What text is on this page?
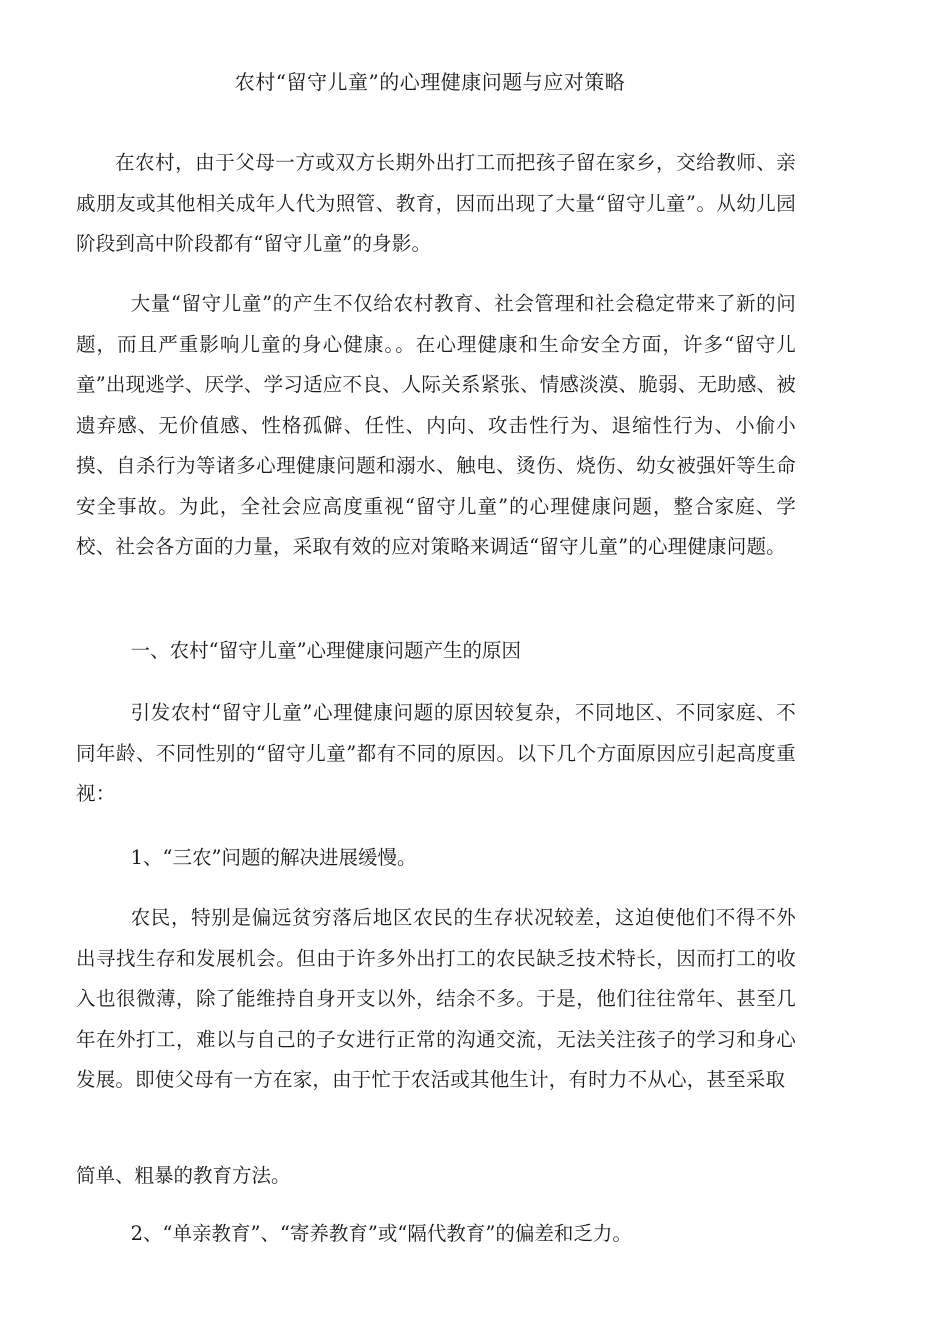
农村“留守儿童”的心理健康问题与应对策略

在农村，由于父母一方或双方长期外出打工而把孩子留在家乡，交给教师、亲戚朋友或其他相关成年人代为照管、教育，因而出现了大量“留守儿童”。从幼儿园阶段到高中阶段都有“留守儿童”的身影。

大量“留守儿童”的产生不仅给农村教育、社会管理和社会稳定带来了新的问题，而且严重影响儿童的身心健康。。在心理健康和生命安全方面，许多“留守儿童”出现逃学、厌学、学习适应不良、人际关系紧张、情感淡漠、脆弱、无助感、被遗弃感、无价值感、性格孤僻、任性、内向、攻击性行为、退缩性行为、小偷小摸、自杀行为等诸多心理健康问题和溺水、触电、烫伤、烧伤、幼女被强奸等生命安全事故。为此，全社会应高度重视“留守儿童”的心理健康问题，整合家庭、学校、社会各方面的力量，采取有效的应对策略来调适“留守儿童”的心理健康问题。

一、农村“留守儿童”心理健康问题产生的原因

引发农村“留守儿童”心理健康问题的原因较复杂，不同地区、不同家庭、不同年龄、不同性别的“留守儿童”都有不同的原因。以下几个方面原因应引起高度重视：

1、“三农”问题的解决进展缓慢。

农民，特别是偏远贫穷落后地区农民的生存状况较差，这迫使他们不得不外出寻找生存和发展机会。但由于许多外出打工的农民缺乏技术特长，因而打工的收入也很微薄，除了能维持自身开支以外，结余不多。于是，他们往往常年、甚至几年在外打工，难以与自己的子女进行正常的沟通交流，无法关注孩子的学习和身心发展。即使父母有一方在家，由于忙于农活或其他生计，有时力不从心，甚至采取

简单、粗暴的教育方法。

2、“单亲教育”、“寄养教育”或“隔代教育”的偏差和乏力。
